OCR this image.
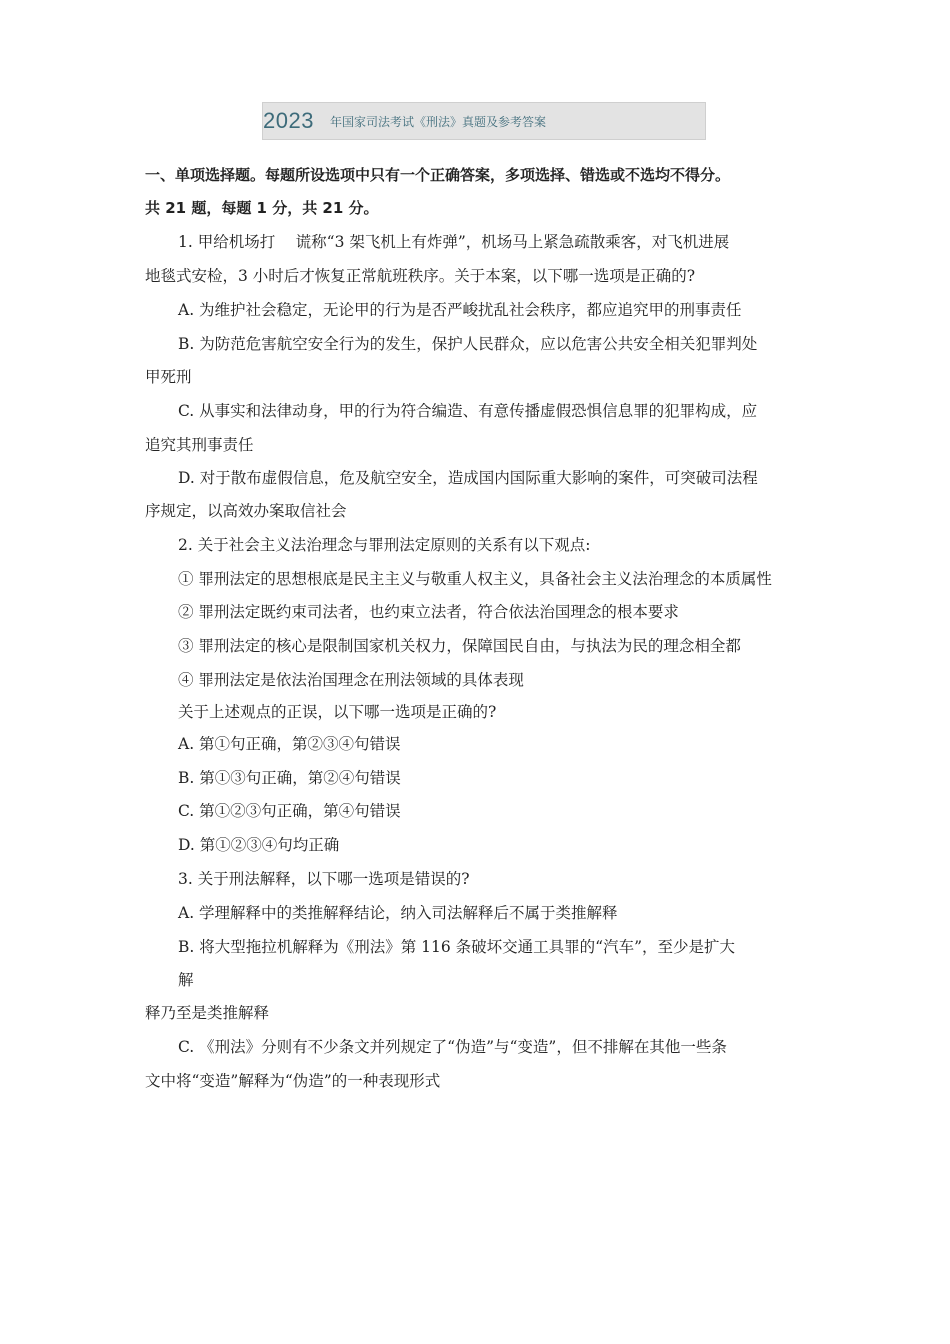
2023 年国家司法考试《刑法》真题及参考答案
一、单项选择题。每题所设选项中只有一个正确答案，多项选择、错选或不选均不得分。
共 21 题，每题 1 分，共 21 分。
1. 甲给机场打　 谎称“3 架飞机上有炸弹”，机场马上紧急疏散乘客，对飞机进展
地毯式安检，3 小时后才恢复正常航班秩序。关于本案，以下哪一选项是正确的?
A. 为维护社会稳定，无论甲的行为是否严峻扰乱社会秩序，都应追究甲的刑事责任
B. 为防范危害航空安全行为的发生，保护人民群众，应以危害公共安全相关犯罪判处
甲死刑
C. 从事实和法律动身，甲的行为符合编造、有意传播虚假恐惧信息罪的犯罪构成，应
追究其刑事责任
D. 对于散布虚假信息，危及航空安全，造成国内国际重大影响的案件，可突破司法程
序规定，以高效办案取信社会
2. 关于社会主义法治理念与罪刑法定原则的关系有以下观点:
① 罪刑法定的思想根底是民主主义与敬重人权主义，具备社会主义法治理念的本质属性
② 罪刑法定既约束司法者，也约束立法者，符合依法治国理念的根本要求
③ 罪刑法定的核心是限制国家机关权力，保障国民自由，与执法为民的理念相全都
④ 罪刑法定是依法治国理念在刑法领域的具体表现
关于上述观点的正误，以下哪一选项是正确的?
A. 第①句正确，第②③④句错误
B. 第①③句正确，第②④句错误
C. 第①②③句正确，第④句错误
D. 第①②③④句均正确
3. 关于刑法解释，以下哪一选项是错误的?
A. 学理解释中的类推解释结论，纳入司法解释后不属于类推解释
B. 将大型拖拉机解释为《刑法》第 116 条破坏交通工具罪的“汽车”，至少是扩大
解
释乃至是类推解释
C. 《刑法》分则有不少条文并列规定了“伪造”与“变造”，但不排解在其他一些条
文中将“变造”解释为“伪造”的一种表现形式
